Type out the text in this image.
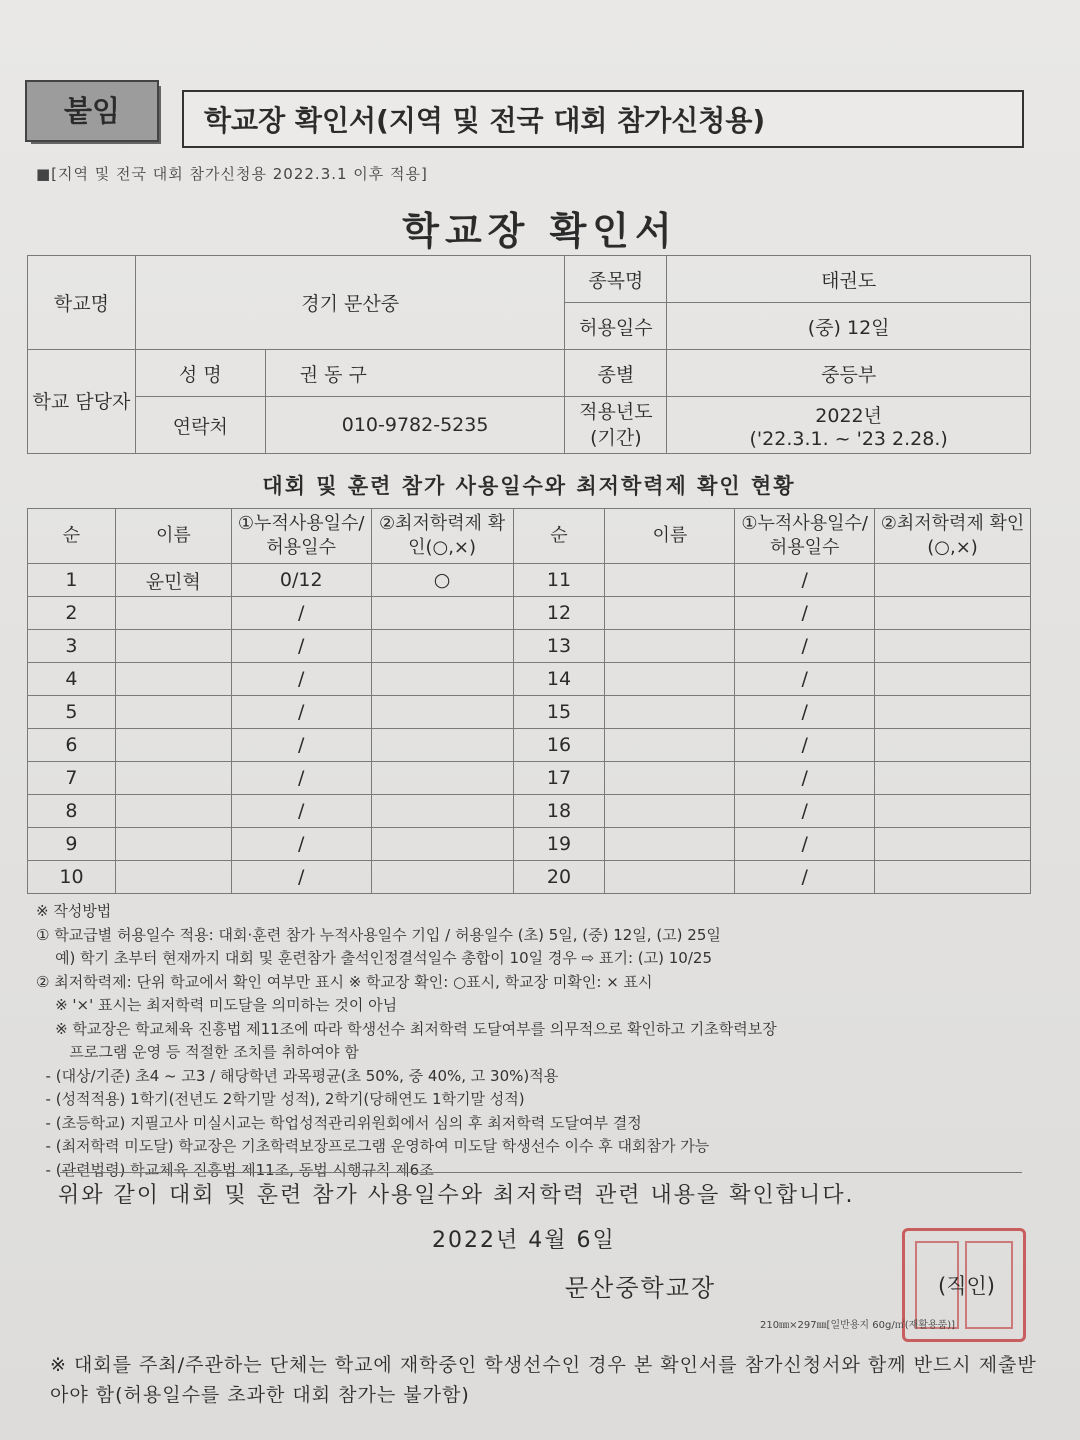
붙임	학교장 확인서(지역 및 전국 대회 참가신청용)
■[지역 및 전국 대회 참가신청용 2022.3.1 이후 적용]
학교장 확인서
학교명	경기 문산중		종목명	태권도
			허용일수	(중) 12일
학교 담당자	성 명	권 동 구	종별	중등부
	연락처	010-9782-5235	적용년도 (기간)	2022년
('22.3.1. ~ '23 2.28.)
대회 및 훈련 참가 사용일수와 최저학력제 확인 현황
순	이름	①누적사용일수/허용일수	②최저학력제 확인(○,×)	순	이름	①누적사용일수/허용일수	②최저학력제 확인(○,×)
1	윤민혁	0/12	○	11		/	
2		/		12		/	
3		/		13		/	
4		/		14		/	
5		/		15		/	
6		/		16		/	
7		/		17		/	
8		/		18		/	
9		/		19		/	
10		/		20		/	
※ 작성방법
① 학교급별 허용일수 적용: 대회·훈련 참가 누적사용일수 기입 / 허용일수 (초) 5일, (중) 12일, (고) 25일
예) 학기 초부터 현재까지 대회 및 훈련참가 출석인정결석일수 총합이 10일 경우 ⇨ 표기: (고) 10/25
② 최저학력제: 단위 학교에서 확인 여부만 표시 ※ 학교장 확인: ○표시, 학교장 미확인: × 표시
※ '×' 표시는 최저학력 미도달을 의미하는 것이 아님
※ 학교장은 학교체육 진흥법 제11조에 따라 학생선수 최저학력 도달여부를 의무적으로 확인하고 기초학력보장
프로그램 운영 등 적절한 조치를 취하여야 함
- (대상/기준) 초4 ~ 고3 / 해당학년 과목평균(초 50%, 중 40%, 고 30%)적용
- (성적적용) 1학기(전년도 2학기말 성적), 2학기(당해연도 1학기말 성적)
- (초등학교) 지필고사 미실시교는 학업성적관리위원회에서 심의 후 최저학력 도달여부 결정
- (최저학력 미도달) 학교장은 기초학력보장프로그램 운영하여 미도달 학생선수 이수 후 대회참가 가능
- (관련법령) 학교체육 진흥법 제11조, 동법 시행규칙 제6조
위와 같이 대회 및 훈련 참가 사용일수와 최저학력 관련 내용을 확인합니다.
2022년 4월 6일
문산중학교장	(직인)
210㎜×297㎜[일반용지 60g/㎡(재활용품)]
※ 대회를 주최/주관하는 단체는 학교에 재학중인 학생선수인 경우 본 확인서를 참가신청서와 함께 반드시 제출받아야 함(허용일수를 초과한 대회 참가는 불가함)
